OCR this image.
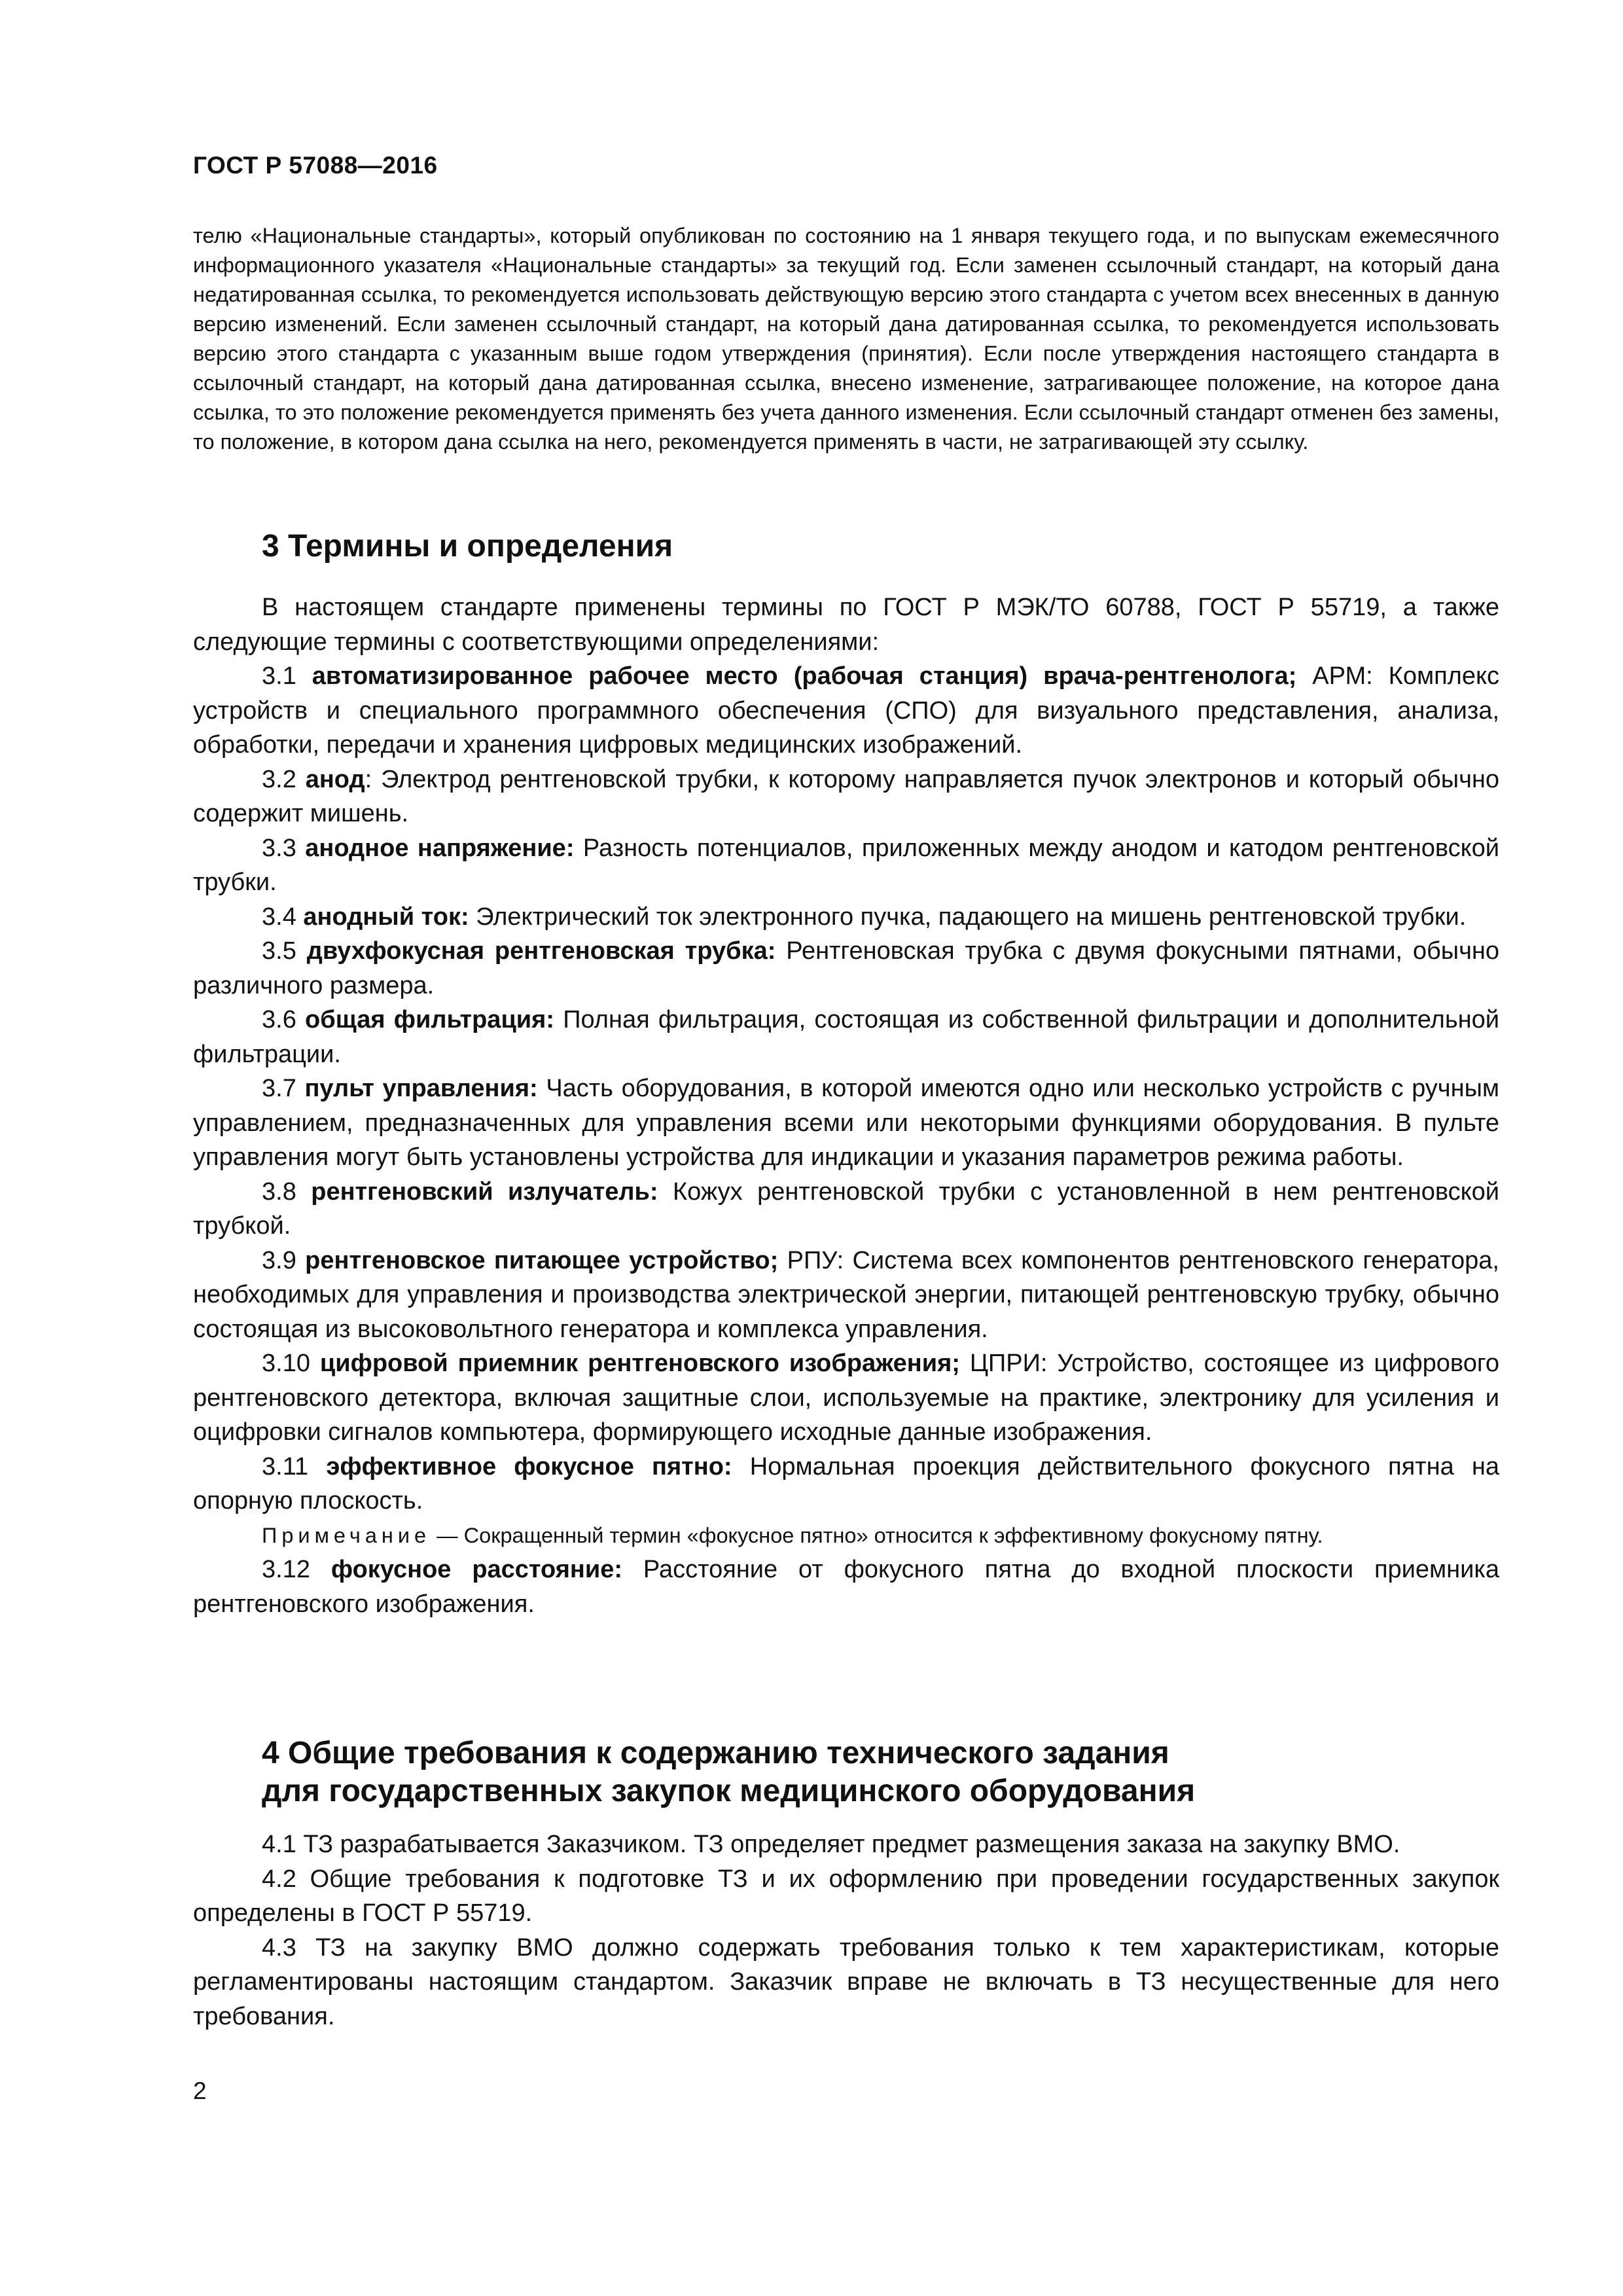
ГОСТ Р 57088—2016
телю «Национальные стандарты», который опубликован по состоянию на 1 января текущего года, и по выпускам ежемесячного информационного указателя «Национальные стандарты» за текущий год. Если заменен ссылочный стандарт, на который дана недатированная ссылка, то рекомендуется использовать действующую версию этого стандарта с учетом всех внесенных в данную версию изменений. Если заменен ссылочный стандарт, на который дана датированная ссылка, то рекомендуется использовать версию этого стандарта с указанным выше годом утверждения (принятия). Если после утверждения настоящего стандарта в ссылочный стандарт, на который дана датированная ссылка, внесено изменение, затрагивающее положение, на которое дана ссылка, то это положение рекомендуется применять без учета данного изменения. Если ссылочный стандарт отменен без замены, то положение, в котором дана ссылка на него, рекомендуется применять в части, не затрагивающей эту ссылку.
3 Термины и определения

В настоящем стандарте применены термины по ГОСТ Р МЭК/ТО 60788, ГОСТ Р 55719, а также следующие термины с соответствующими определениями:

3.1 автоматизированное рабочее место (рабочая станция) врача-рентгенолога; АРМ: Комплекс устройств и специального программного обеспечения (СПО) для визуального представления, анализа, обработки, передачи и хранения цифровых медицинских изображений.

3.2 анод: Электрод рентгеновской трубки, к которому направляется пучок электронов и который обычно содержит мишень.

3.3 анодное напряжение: Разность потенциалов, приложенных между анодом и катодом рентгеновской трубки.

3.4 анодный ток: Электрический ток электронного пучка, падающего на мишень рентгеновской трубки.

3.5 двухфокусная рентгеновская трубка: Рентгеновская трубка с двумя фокусными пятнами, обычно различного размера.

3.6 общая фильтрация: Полная фильтрация, состоящая из собственной фильтрации и дополнительной фильтрации.

3.7 пульт управления: Часть оборудования, в которой имеются одно или несколько устройств с ручным управлением, предназначенных для управления всеми или некоторыми функциями оборудования. В пульте управления могут быть установлены устройства для индикации и указания параметров режима работы.

3.8 рентгеновский излучатель: Кожух рентгеновской трубки с установленной в нем рентгеновской трубкой.

3.9 рентгеновское питающее устройство; РПУ: Система всех компонентов рентгеновского генератора, необходимых для управления и производства электрической энергии, питающей рентгеновскую трубку, обычно состоящая из высоковольтного генератора и комплекса управления.

3.10 цифровой приемник рентгеновского изображения; ЦПРИ: Устройство, состоящее из цифрового рентгеновского детектора, включая защитные слои, используемые на практике, электронику для усиления и оцифровки сигналов компьютера, формирующего исходные данные изображения.

3.11 эффективное фокусное пятно: Нормальная проекция действительного фокусного пятна на опорную плоскость.

Примечание — Сокращенный термин «фокусное пятно» относится к эффективному фокусному пятну.

3.12 фокусное расстояние: Расстояние от фокусного пятна до входной плоскости приемника рентгеновского изображения.

4 Общие требования к содержанию технического задания
для государственных закупок медицинского оборудования

4.1 ТЗ разрабатывается Заказчиком. ТЗ определяет предмет размещения заказа на закупку ВМО.

4.2 Общие требования к подготовке ТЗ и их оформлению при проведении государственных закупок определены в ГОСТ Р 55719.

4.3 ТЗ на закупку ВМО должно содержать требования только к тем характеристикам, которые регламентированы настоящим стандартом. Заказчик вправе не включать в ТЗ несущественные для него требования.

2
